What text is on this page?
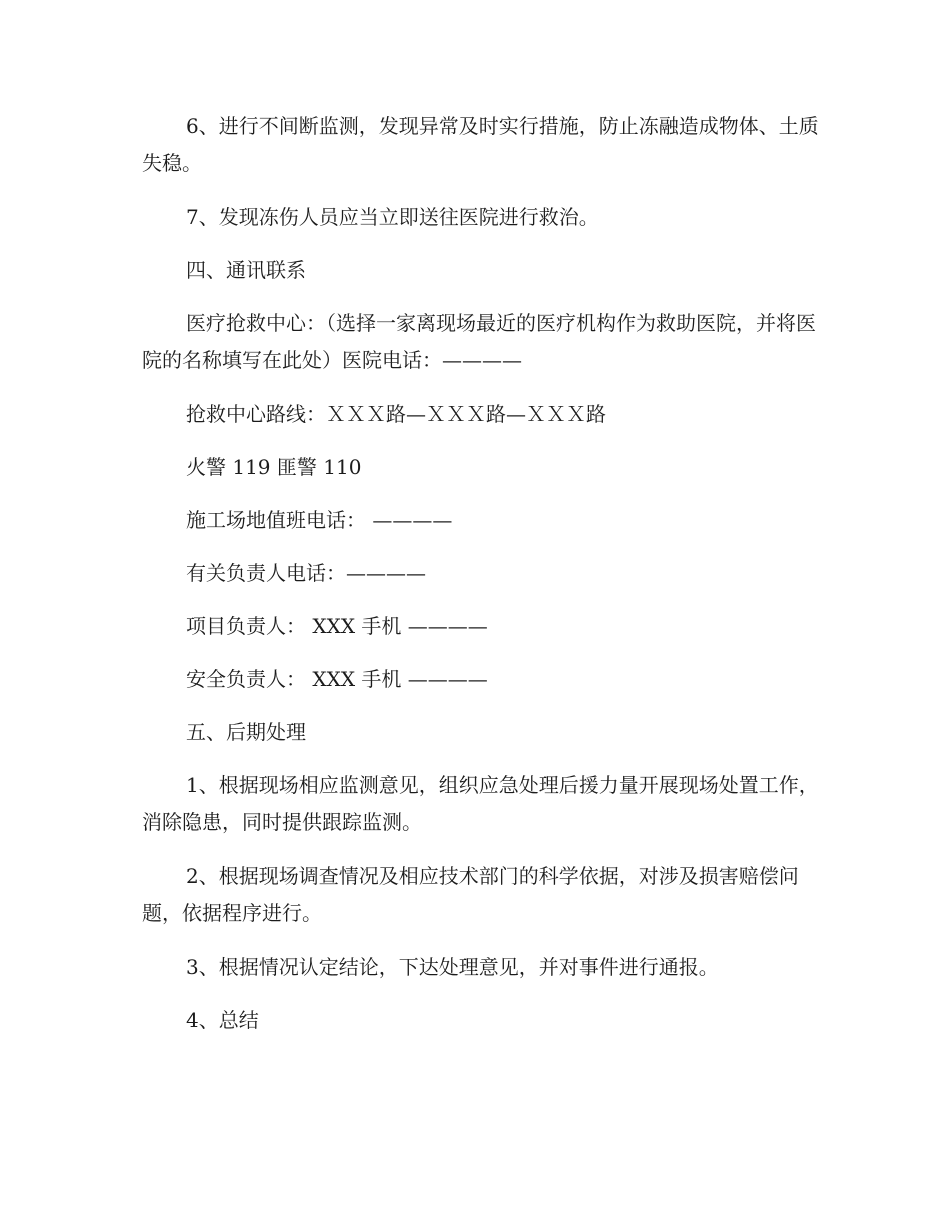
6、进行不间断监测，发现异常及时实行措施，防止冻融造成物体、土质失稳。

7、发现冻伤人员应当立即送往医院进行救治。

四、通讯联系

医疗抢救中心：（选择一家离现场最近的医疗机构作为救助医院，并将医院的名称填写在此处）医院电话：————

抢救中心路线：ＸＸＸ路—ＸＸＸ路—ＸＸＸ路

火警 119 匪警 110

施工场地值班电话： ————

有关负责人电话：————

项目负责人： XXX 手机 ————

安全负责人： XXX 手机 ————

五、后期处理

1、根据现场相应监测意见，组织应急处理后援力量开展现场处置工作，消除隐患，同时提供跟踪监测。

2、根据现场调查情况及相应技术部门的科学依据，对涉及损害赔偿问题，依据程序进行。

3、根据情况认定结论，下达处理意见，并对事件进行通报。

4、总结
